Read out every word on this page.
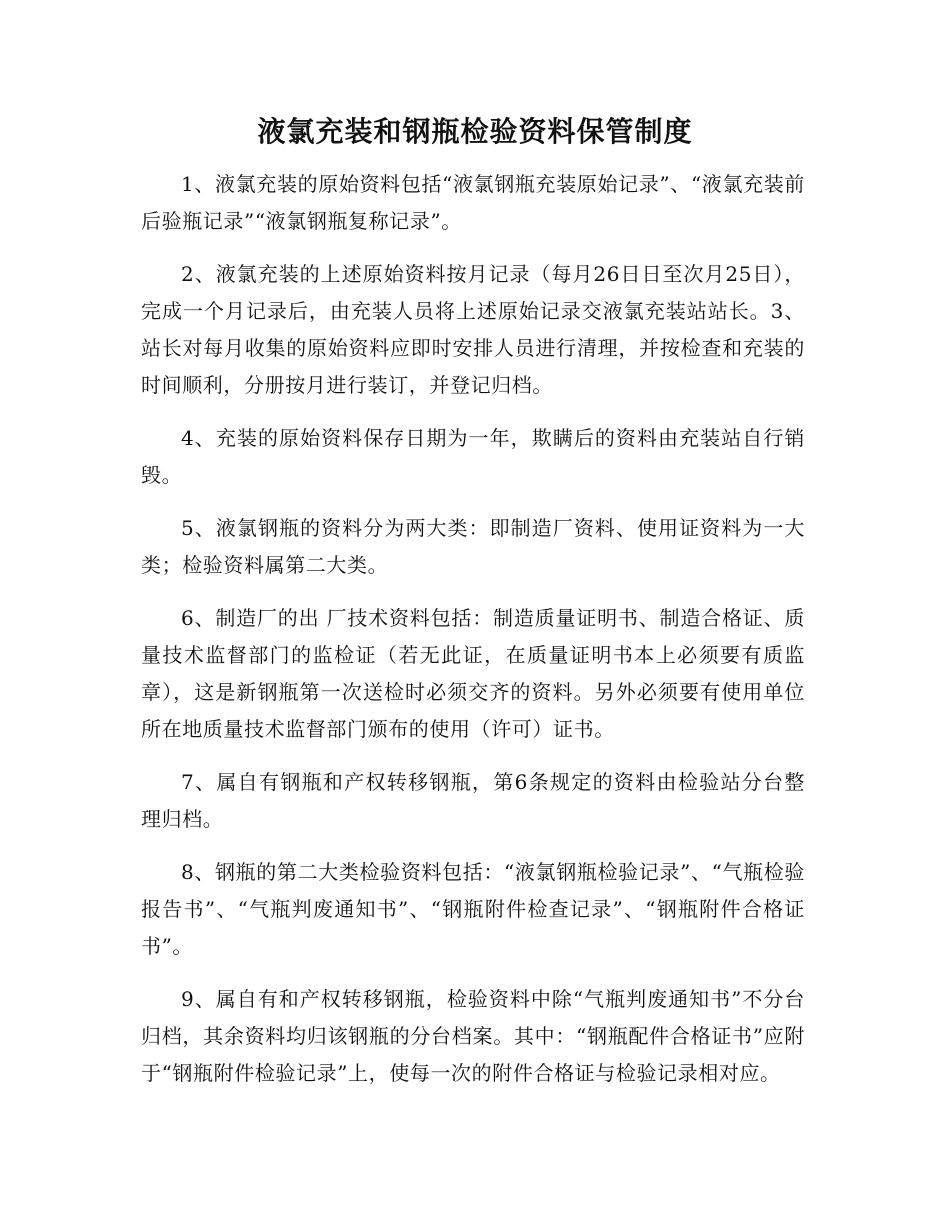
液氯充装和钢瓶检验资料保管制度

1、液氯充装的原始资料包括“液氯钢瓶充装原始记录”、“液氯充装前后验瓶记录”“液氯钢瓶复称记录”。

2、液氯充装的上述原始资料按月记录（每月26日日至次月25日），完成一个月记录后，由充装人员将上述原始记录交液氯充装站站长。3、站长对每月收集的原始资料应即时安排人员进行清理，并按检查和充装的时间顺利，分册按月进行装订，并登记归档。

4、充装的原始资料保存日期为一年，欺瞒后的资料由充装站自行销毁。

5、液氯钢瓶的资料分为两大类：即制造厂资料、使用证资料为一大类；检验资料属第二大类。

6、制造厂的出 厂技术资料包括：制造质量证明书、制造合格证、质量技术监督部门的监检证（若无此证，在质量证明书本上必须要有质监章），这是新钢瓶第一次送检时必须交齐的资料。另外必须要有使用单位所在地质量技术监督部门颁布的使用（许可）证书。

7、属自有钢瓶和产权转移钢瓶，第6条规定的资料由检验站分台整理归档。

8、钢瓶的第二大类检验资料包括：“液氯钢瓶检验记录”、“气瓶检验报告书”、“气瓶判废通知书”、“钢瓶附件检查记录”、“钢瓶附件合格证书”。

9、属自有和产权转移钢瓶，检验资料中除“气瓶判废通知书”不分台归档，其余资料均归该钢瓶的分台档案。其中：“钢瓶配件合格证书”应附于“钢瓶附件检验记录”上，使每一次的附件合格证与检验记录相对应。
